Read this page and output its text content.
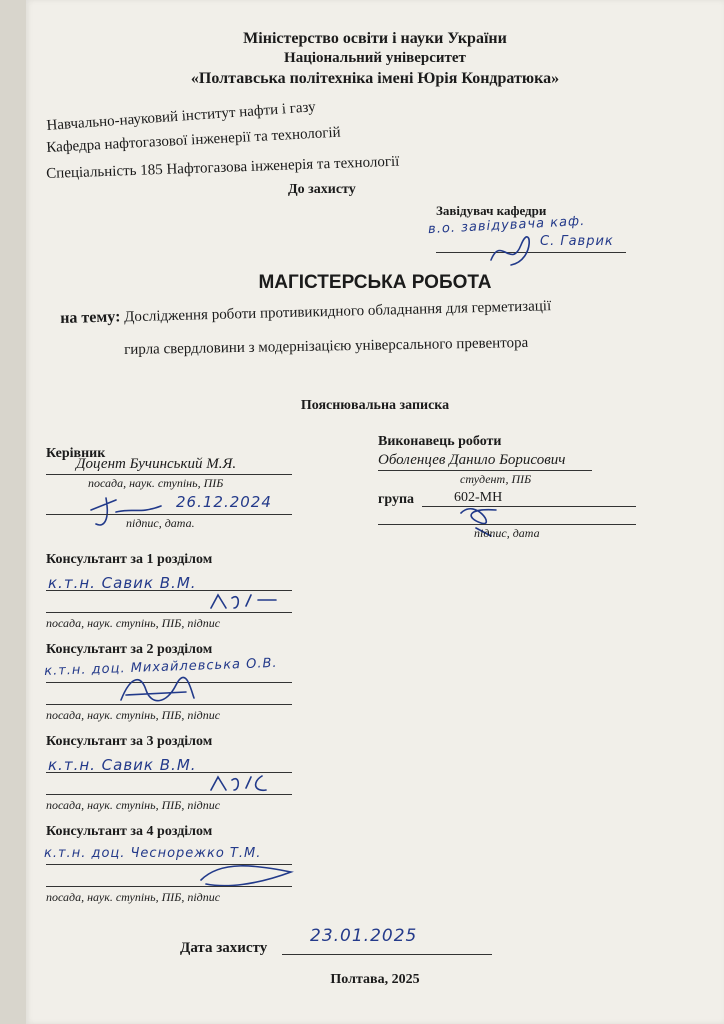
Міністерство освіти і науки України
Національний університет
«Полтавська політехніка імені Юрія Кондратюка»
Навчально-науковий інститут нафти і газу
Кафедра нафтогазової інженерії та технологій
Спеціальність 185 Нафтогазова інженерія та технології
До захисту
Завідувач кафедри
в.о. завідувача каф.
С. Гаврик
МАГІСТЕРСЬКА РОБОТА
на тему: Дослідження роботи противикидного обладнання для герметизації
гирла свердловини з модернізацією універсального превентора
Пояснювальна записка
Керівник
Доцент Бучинський М.Я.
посада, наук. ступінь, ПІБ
26.12.2024
підпис, дата.
Виконавець роботи
Оболенцев Данило Борисович
студент, ПІБ
група	602-МН
підпис, дата
Консультант за 1 розділом
к.т.н. Савик В.М.
посада, наук. ступінь, ПІБ, підпис
Консультант за 2 розділом
к.т.н. доц. Михайлевська О.В.
посада, наук. ступінь, ПІБ, підпис
Консультант за 3 розділом
к.т.н. Савик В.М.
посада, наук. ступінь, ПІБ, підпис
Консультант за 4 розділом
к.т.н. доц. Чеснорежко Т.М.
посада, наук. ступінь, ПІБ, підпис
Дата захисту
23.01.2025
Полтава, 2025
